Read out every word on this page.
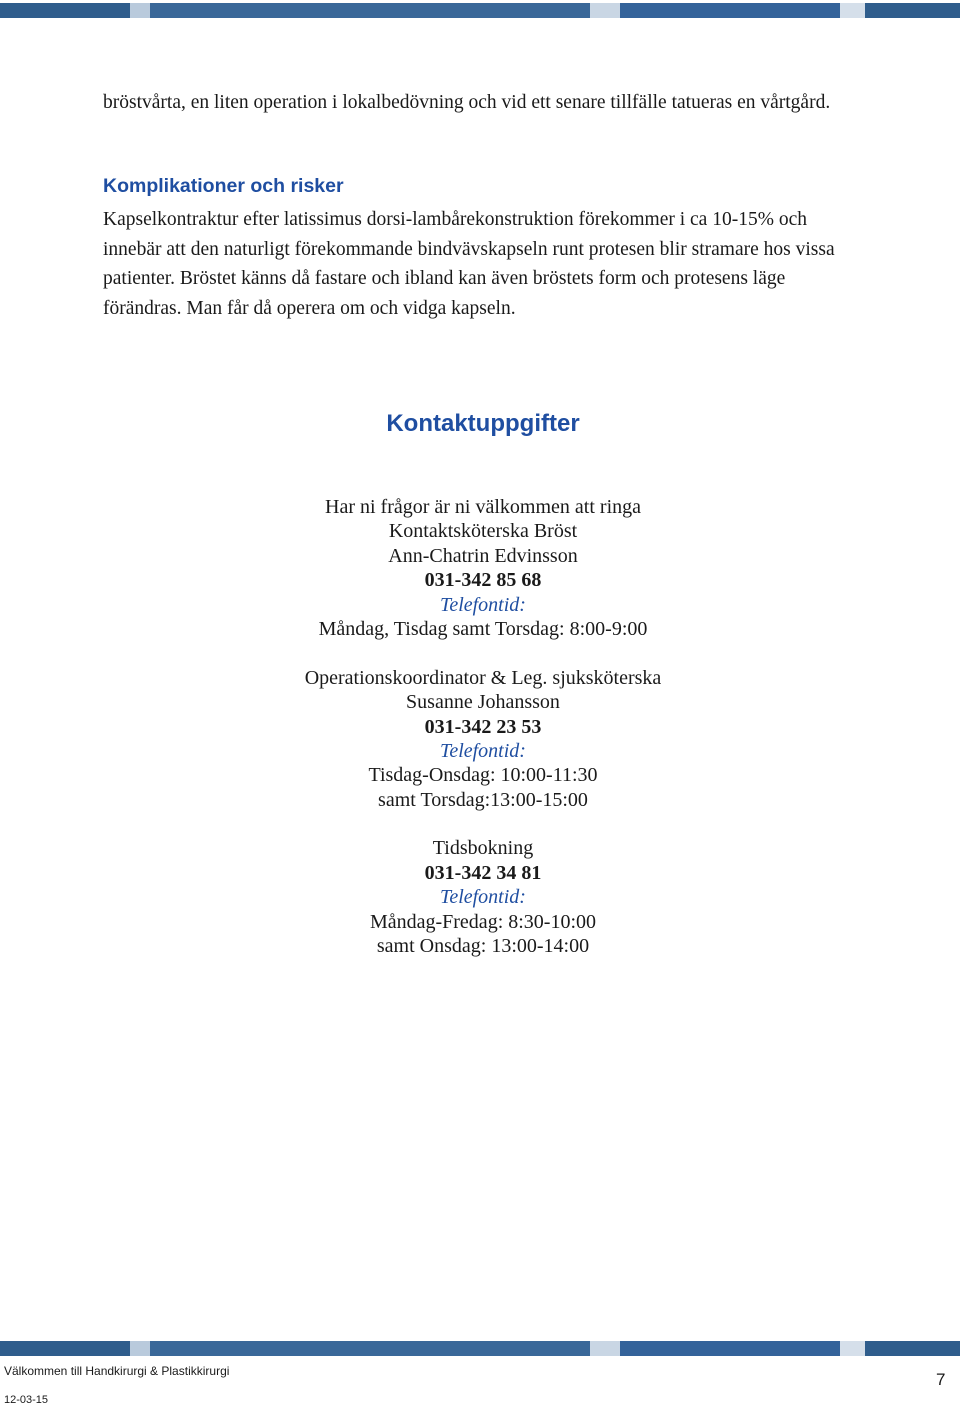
bröstvårta, en liten operation i lokalbedövning och vid ett senare tillfälle tatueras en vårtgård.

Komplikationer och risker

Kapselkontraktur efter latissimus dorsi-lambårekonstruktion förekommer i ca 10-15% och innebär att den naturligt förekommande bindvävskapseln runt protesen blir stramare hos vissa patienter. Bröstet känns då fastare och ibland kan även bröstets form och protesens läge förändras. Man får då operera om och vidga kapseln.

Kontaktuppgifter
Har ni frågor är ni välkommen att ringa
Kontaktsköterska Bröst
Ann-Chatrin Edvinsson
031-342 85 68
Telefontid:
Måndag, Tisdag samt Torsdag: 8:00-9:00
Operationskoordinator & Leg. sjuksköterska
Susanne Johansson
031-342 23 53
Telefontid:
Tisdag-Onsdag: 10:00-11:30
samt Torsdag:13:00-15:00
Tidsbokning
031-342 34 81
Telefontid:
Måndag-Fredag: 8:30-10:00
samt Onsdag: 13:00-14:00
Välkommen till Handkirurgi & Plastikkirurgi
12-03-15
7
